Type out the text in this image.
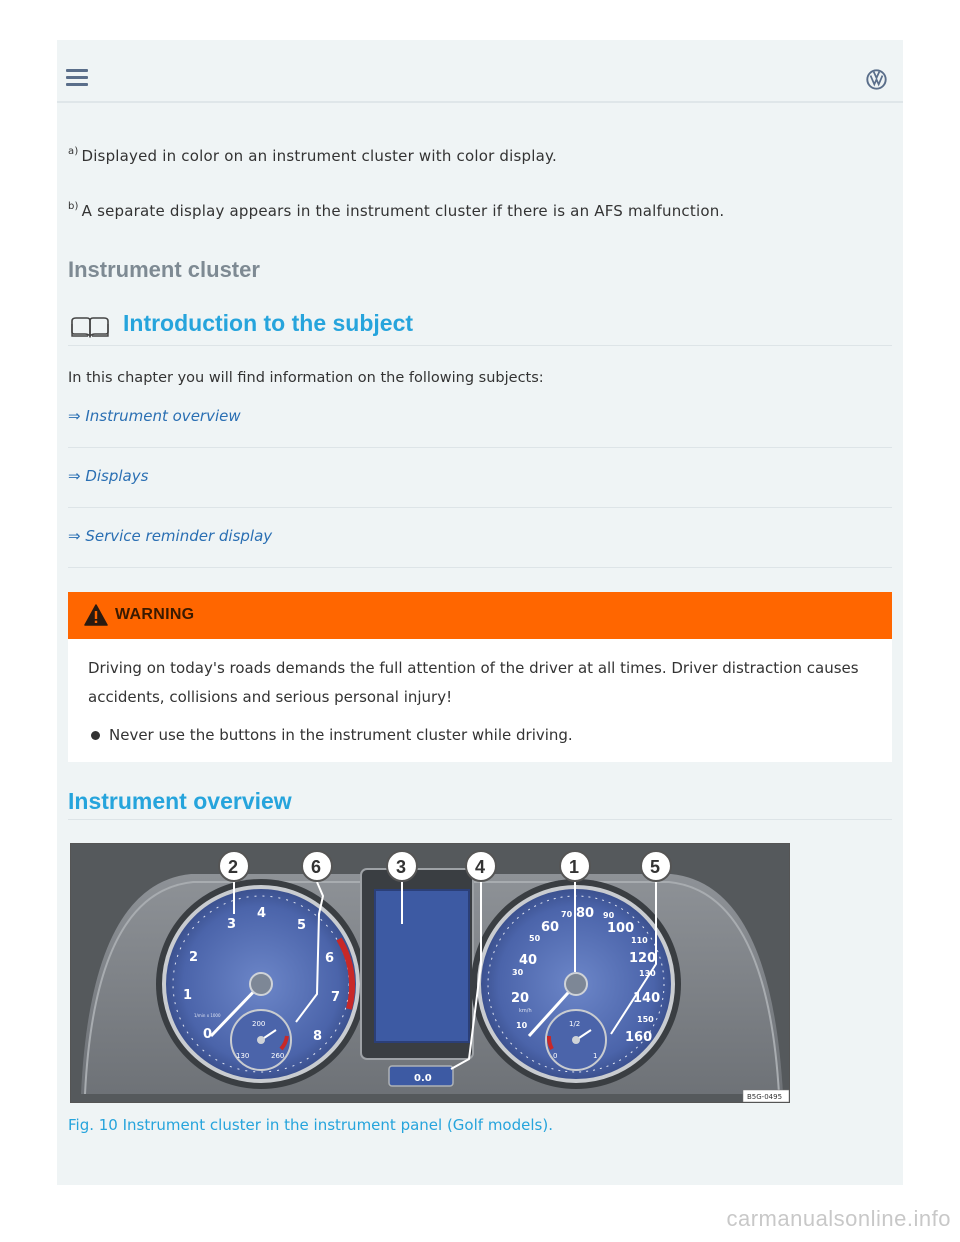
$^{a)}$ Displayed in color on an instrument cluster with color display.
$^{b)}$ A separate display appears in the instrument cluster if there is an AFS malfunction.
Instrument cluster
Introduction to the subject
In this chapter you will find information on the following subjects:
⇒ Instrument overview
⇒ Displays
⇒ Service reminder display
WARNING
Driving on today's roads demands the full attention of the driver at all times. Driver distraction causes accidents, collisions and serious personal injury!
Never use the buttons in the instrument cluster while driving.
Instrument overview
0
1
2
3
4
5
6
7
8
1/min x 1000
130
200
260
0.0
10
20
30
40
50
60
70 80 90
100
110
120
130
140
150
160
km/h
0
1/2
1
2	6	3	4	1	5
B5G-0495
Fig. 10 Instrument cluster in the instrument panel (Golf models).
carmanualsonline.info
